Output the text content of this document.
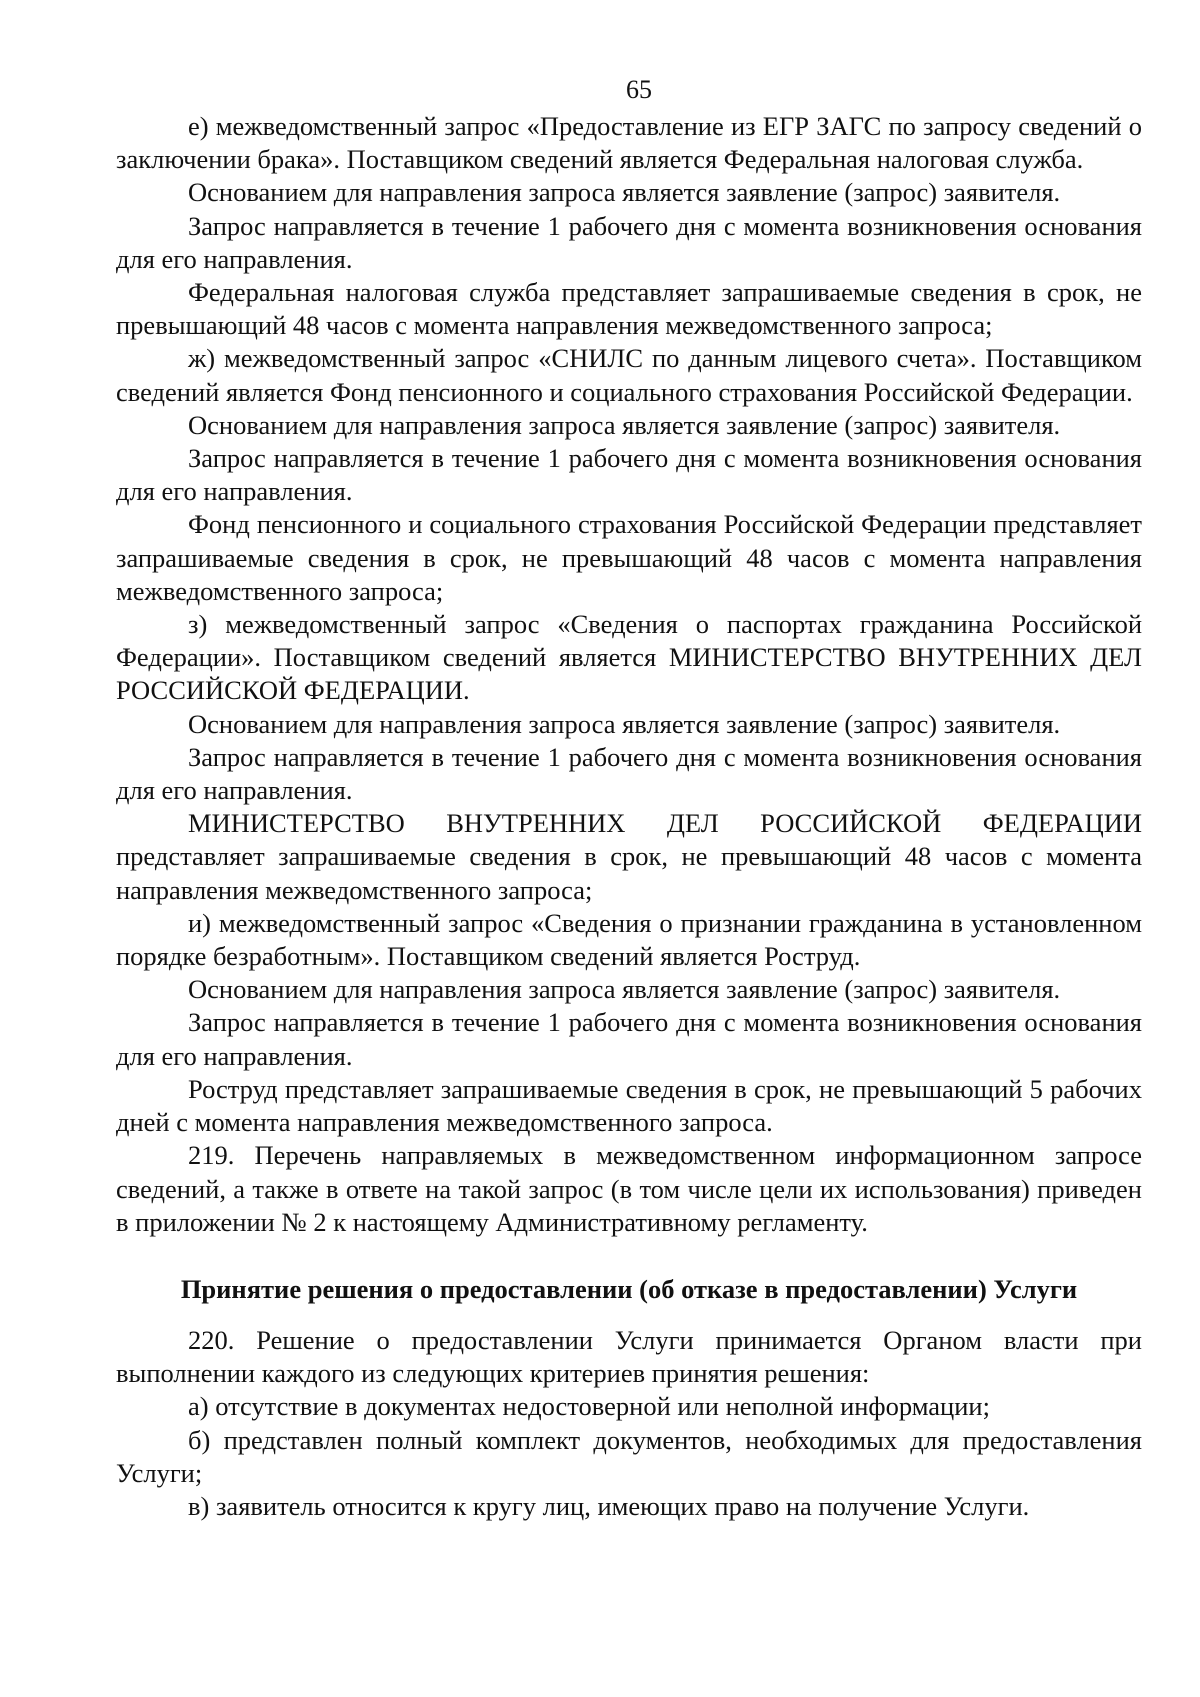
65

е) межведомственный запрос «Предоставление из ЕГР ЗАГС по запросу сведений о заключении брака». Поставщиком сведений является Федеральная налоговая служба.

Основанием для направления запроса является заявление (запрос) заявителя.

Запрос направляется в течение 1 рабочего дня с момента возникновения основания для его направления.

Федеральная налоговая служба представляет запрашиваемые сведения в срок, не превышающий 48 часов с момента направления межведомственного запроса;

ж) межведомственный запрос «СНИЛС по данным лицевого счета». Поставщиком сведений является Фонд пенсионного и социального страхования Российской Федерации.

Основанием для направления запроса является заявление (запрос) заявителя.

Запрос направляется в течение 1 рабочего дня с момента возникновения основания для его направления.

Фонд пенсионного и социального страхования Российской Федерации представляет запрашиваемые сведения в срок, не превышающий 48 часов с момента направления межведомственного запроса;

з) межведомственный запрос «Сведения о паспортах гражданина Российской Федерации». Поставщиком сведений является МИНИСТЕРСТВО ВНУТРЕННИХ ДЕЛ РОССИЙСКОЙ ФЕДЕРАЦИИ.

Основанием для направления запроса является заявление (запрос) заявителя.

Запрос направляется в течение 1 рабочего дня с момента возникновения основания для его направления.

МИНИСТЕРСТВО ВНУТРЕННИХ ДЕЛ РОССИЙСКОЙ ФЕДЕРАЦИИ представляет запрашиваемые сведения в срок, не превышающий 48 часов с момента направления межведомственного запроса;

и) межведомственный запрос «Сведения о признании гражданина в установленном порядке безработным». Поставщиком сведений является Роструд.

Основанием для направления запроса является заявление (запрос) заявителя.

Запрос направляется в течение 1 рабочего дня с момента возникновения основания для его направления.

Роструд представляет запрашиваемые сведения в срок, не превышающий 5 рабочих дней с момента направления межведомственного запроса.

219. Перечень направляемых в межведомственном информационном запросе сведений, а также в ответе на такой запрос (в том числе цели их использования) приведен в приложении № 2 к настоящему Административному регламенту.

Принятие решения о предоставлении (об отказе в предоставлении) Услуги

220. Решение о предоставлении Услуги принимается Органом власти при выполнении каждого из следующих критериев принятия решения:

а) отсутствие в документах недостоверной или неполной информации;

б) представлен полный комплект документов, необходимых для предоставления Услуги;

в) заявитель относится к кругу лиц, имеющих право на получение Услуги.
